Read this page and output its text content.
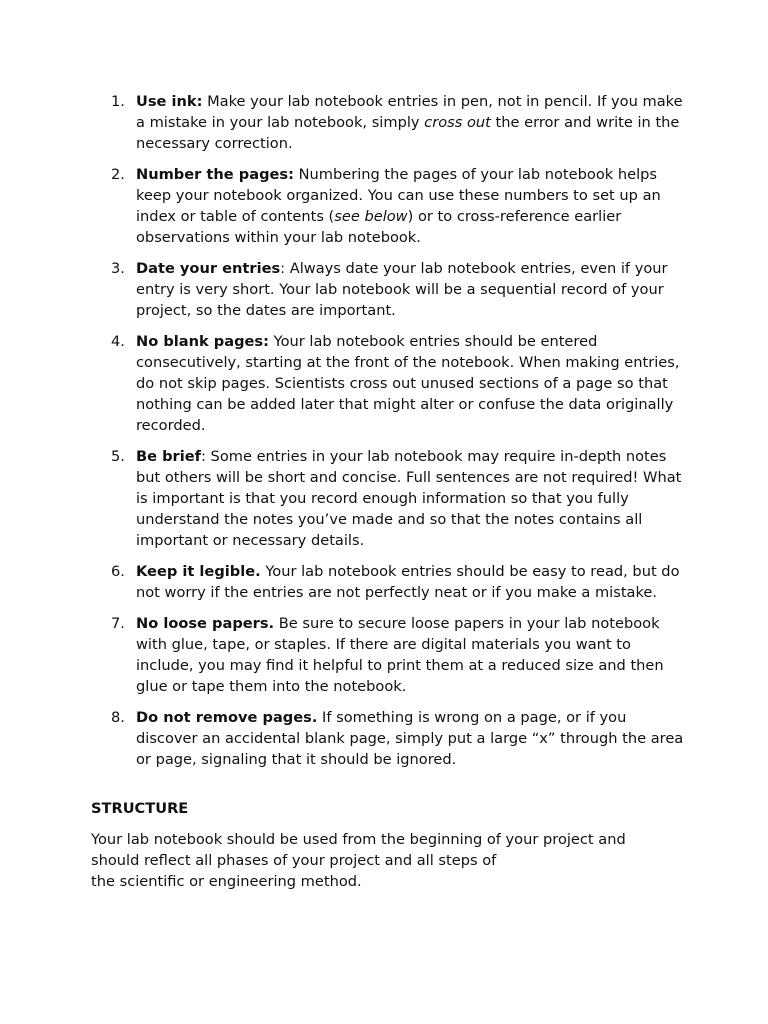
1. Use ink: Make your lab notebook entries in pen, not in pencil. If you make a mistake in your lab notebook, simply cross out the error and write in the necessary correction.
2. Number the pages: Numbering the pages of your lab notebook helps keep your notebook organized. You can use these numbers to set up an index or table of contents (see below) or to cross-reference earlier observations within your lab notebook.
3. Date your entries: Always date your lab notebook entries, even if your entry is very short. Your lab notebook will be a sequential record of your project, so the dates are important.
4. No blank pages: Your lab notebook entries should be entered consecutively, starting at the front of the notebook. When making entries, do not skip pages. Scientists cross out unused sections of a page so that nothing can be added later that might alter or confuse the data originally recorded.
5. Be brief: Some entries in your lab notebook may require in-depth notes but others will be short and concise. Full sentences are not required! What is important is that you record enough information so that you fully understand the notes you’ve made and so that the notes contains all important or necessary details.
6. Keep it legible. Your lab notebook entries should be easy to read, but do not worry if the entries are not perfectly neat or if you make a mistake.
7. No loose papers. Be sure to secure loose papers in your lab notebook with glue, tape, or staples. If there are digital materials you want to include, you may find it helpful to print them at a reduced size and then glue or tape them into the notebook.
8. Do not remove pages. If something is wrong on a page, or if you discover an accidental blank page, simply put a large “x” through the area or page, signaling that it should be ignored.
STRUCTURE

Your lab notebook should be used from the beginning of your project and
should reflect all phases of your project and all steps of
the scientific or engineering method.
